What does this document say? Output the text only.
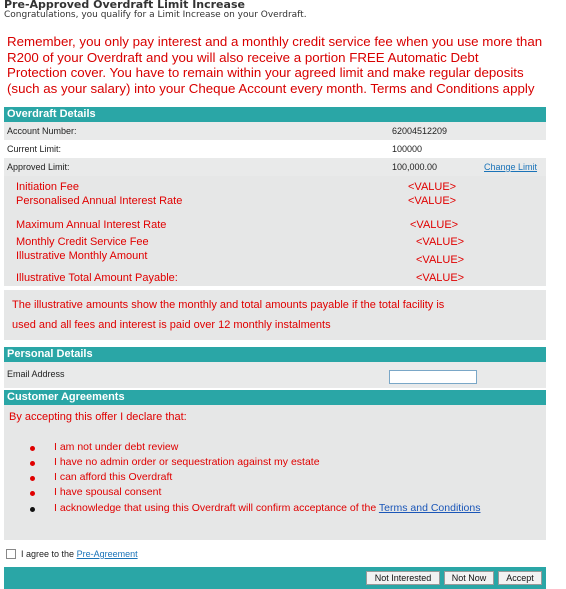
Pre-Approved Overdraft Limit Increase
Congratulations, you qualify for a Limit Increase on your Overdraft.

Remember, you only pay interest and a monthly credit service fee when you use more than

R200 of your Overdraft and you will also receive a portion FREE Automatic Debt

Protection cover. You have to remain within your agreed limit and make regular deposits

(such as your salary) into your Cheque Account every month. Terms and Conditions apply

Overdraft Details
Account Number:	62004512209
Current Limit:	100000
Approved Limit:	100,000.00	Change Limit
Initiation Fee	<VALUE>
Personalised Annual Interest Rate	<VALUE>
Maximum Annual Interest Rate	<VALUE>
Monthly Credit Service Fee	<VALUE>
Illustrative Monthly Amount	<VALUE>
Illustrative Total Amount Payable:	<VALUE>
The illustrative amounts show the monthly and total amounts payable if the total facility is
used and all fees and interest is paid over 12 monthly instalments
Personal Details
Email Address
Customer Agreements
By accepting this offer I declare that:
I am not under debt review
I have no admin order or sequestration against my estate
I can afford this Overdraft
I have spousal consent
I acknowledge that using this Overdraft will confirm acceptance of the Terms and Conditions
I agree to the Pre-Agreement
Not Interested	Not Now	Accept
